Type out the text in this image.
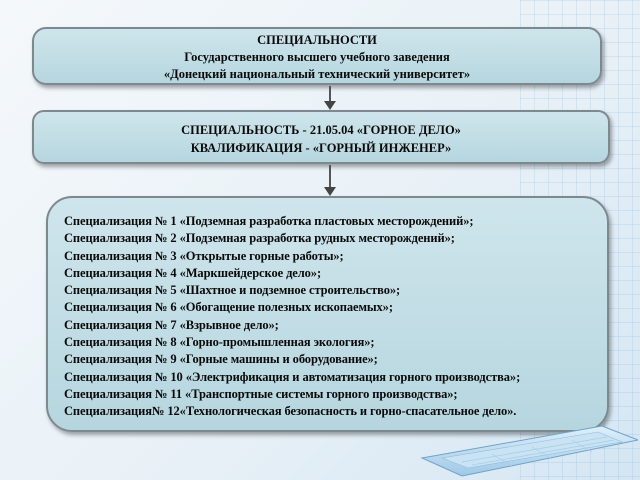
СПЕЦИАЛЬНОСТИ
Государственного высшего учебного заведения
«Донецкий национальный технический университет»
СПЕЦИАЛЬНОСТЬ - 21.05.04 «ГОРНОЕ ДЕЛО»
КВАЛИФИКАЦИЯ - «ГОРНЫЙ ИНЖЕНЕР»
Специализация № 1 «Подземная разработка пластовых месторождений»;
Специализация № 2 «Подземная разработка рудных месторождений»;
Специализация № 3 «Открытые горные работы»;
Специализация № 4 «Маркшейдерское дело»;
Специализация № 5 «Шахтное и подземное строительство»;
Специализация № 6 «Обогащение полезных ископаемых»;
Специализация № 7 «Взрывное дело»;
Специализация № 8 «Горно-промышленная экология»;
Специализация № 9 «Горные машины и оборудование»;
Специализация № 10 «Электрификация и автоматизация горного производства»;
Специализация № 11 «Транспортные системы горного производства»;
Специализация№ 12«Технологическая безопасность и горно-спасательное дело».
